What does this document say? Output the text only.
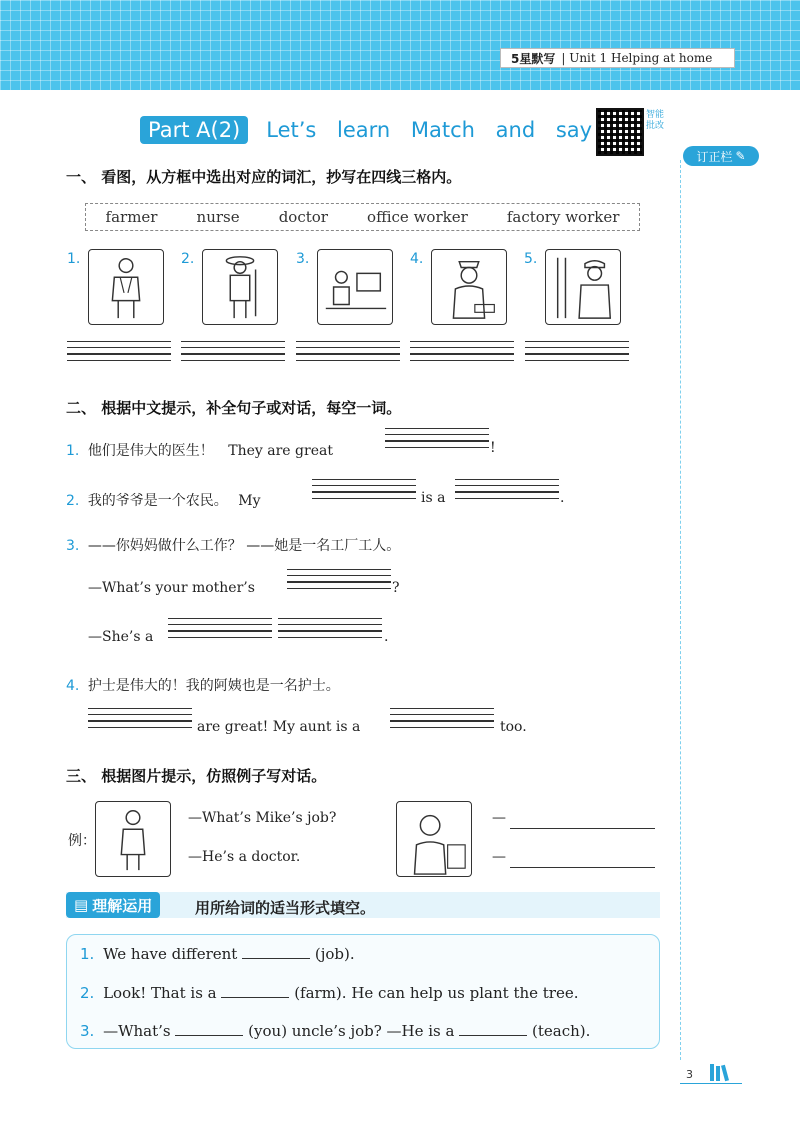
5星默写 | Unit 1 Helping at home
Part A(2)	Let’s learn Match and say
智能批改
订正栏 ✎
一、 看图，从方框中选出对应的词汇，抄写在四线三格内。
farmer	nurse	doctor	office worker	factory worker
1.	2.	3.	4.	5.
二、 根据中文提示，补全句子或对话，每空一词。
1. 他们是伟大的医生！ They are great	!
2. 我的爷爷是一个农民。 My	is a	.
3. ——你妈妈做什么工作？ ——她是一名工厂工人。
—What’s your mother’s	?
—She’s a	.
4. 护士是伟大的！我的阿姨也是一名护士。
are great! My aunt is a	too.
三、 根据图片提示，仿照例子写对话。
例：
—What’s Mike’s job?
—He’s a doctor.
—
—
▤ 理解运用	用所给词的适当形式填空。
1. We have different	(job).
2. Look! That is a	(farm). He can help us plant the tree.
3. —What’s	(you) uncle’s job? —He is a	(teach).
3
